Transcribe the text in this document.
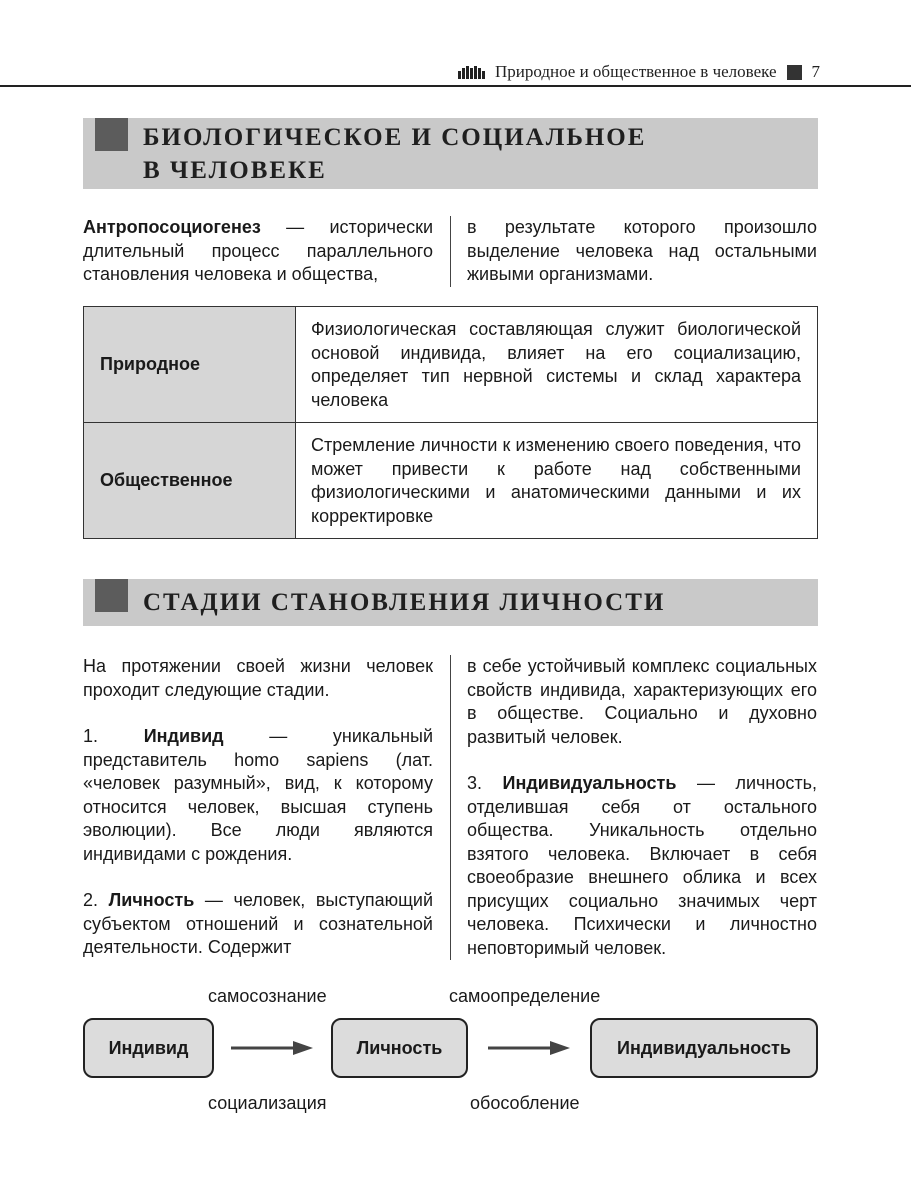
Природное и общественное в человеке 7
БИОЛОГИЧЕСКОЕ И СОЦИАЛЬНОЕ
В ЧЕЛОВЕКЕ

Антропосоциогенез — исторически длительный процесс параллельного становления человека и общества,

в результате которого произошло выделение человека над остальными живыми организмами.

Природное	Физиологическая составляющая служит биологической основой индивида, влияет на его социализацию, определяет тип нервной системы и склад характера человека
Общественное	Стремление личности к изменению своего поведения, что может привести к работе над собственными физиологическими и анатомическими данными и их корректировке
СТАДИИ СТАНОВЛЕНИЯ ЛИЧНОСТИ

На протяжении своей жизни человек проходит следующие стадии.

1. Индивид — уникальный представитель homo sapiens (лат. «человек разумный», вид, к которому относится человек, высшая ступень эволюции). Все люди являются индивидами с рождения.

2. Личность — человек, выступающий субъектом отношений и сознательной деятельности. Содержит

в себе устойчивый комплекс социальных свойств индивида, характеризующих его в обществе. Социально и духовно развитый человек.

3. Индивидуальность — личность, отделившая себя от остального общества. Уникальность отдельно взятого человека. Включает в себя своеобразие внешнего облика и всех присущих социально значимых черт человека. Психически и личностно неповторимый человек.

самосознание	самоопределение
Индивид	Личность	Индивидуальность
социализация	обособление
